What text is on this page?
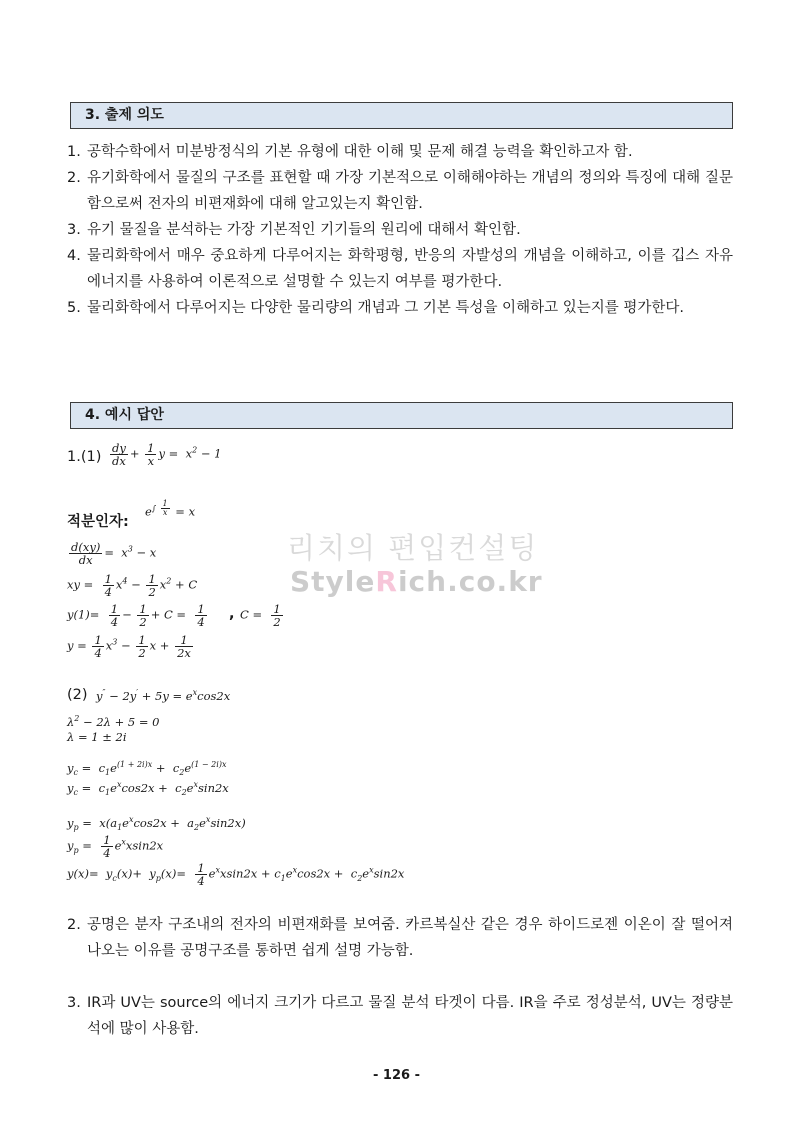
3. 출제 의도
1. 공학수학에서 미분방정식의 기본 유형에 대한 이해 및 문제 해결 능력을 확인하고자 함.
2. 유기화학에서 물질의 구조를 표현할 때 가장 기본적으로 이해해야하는 개념의 정의와 특징에 대해 질문함으로써 전자의 비편재화에 대해 알고있는지 확인함.
3. 유기 물질을 분석하는 가장 기본적인 기기들의 원리에 대해서 확인함.
4. 물리화학에서 매우 중요하게 다루어지는 화학평형, 반응의 자발성의 개념을 이해하고, 이를 깁스 자유에너지를 사용하여 이론적으로 설명할 수 있는지 여부를 평가한다.
5. 물리화학에서 다루어지는 다양한 물리량의 개념과 그 기본 특성을 이해하고 있는지를 평가한다.
4. 예시 답안
$1.(1) \frac{dy}{dx} + \frac{1}{x}$ $y = x^2 - 1$
적분인자:
$e^{\int \frac{1}{x}} = x$
$\frac{d(xy)}{dx} = x^3 - x$
xy = $\frac{1}{4} x^4 - \frac{1}{2} x^2 + C$
$y(1)= \frac{1}{4} - \frac{1}{2} + C = \frac{1}{4}$ , $C = \frac{1}{2}$
$y = \frac{1}{4} x^3 - \frac{1}{2}$ $x + \frac{1}{2x}$
리치의 편입컨설팅
StyleRich.co.kr
(2) $y'' - 2y' + 5y = e^x\cos 2x$
$\lambda^2 - 2\lambda + 5 = 0$
λ = 1 ± 2i
$y_c = c_1e^{(1 + 2i)x} + c_2e^{(1 - 2i)x}$
$y_c = c_1e^x\cos 2x + c_2e^x\sin 2x$
$y_p = x(a_1e^x\cos 2x + a_2e^x\sin 2x)$
$y_p = \frac{1}{4} e^xxsin2x$
$y(x)= y_c(x)+ y_p(x)= \frac{1}{4} e^xxsin2x + c_1e^x\cos 2x + c_2e^x\sin 2x$
2. 공명은 분자 구조내의 전자의 비편재화를 보여줌. 카르복실산 같은 경우 하이드로젠 이온이 잘 떨어져나오는 이유를 공명구조를 통하면 쉽게 설명 가능함.
3. IR과 UV는 source의 에너지 크기가 다르고 물질 분석 타겟이 다름. IR을 주로 정성분석, UV는 정량분석에 많이 사용함.
- 126 -
